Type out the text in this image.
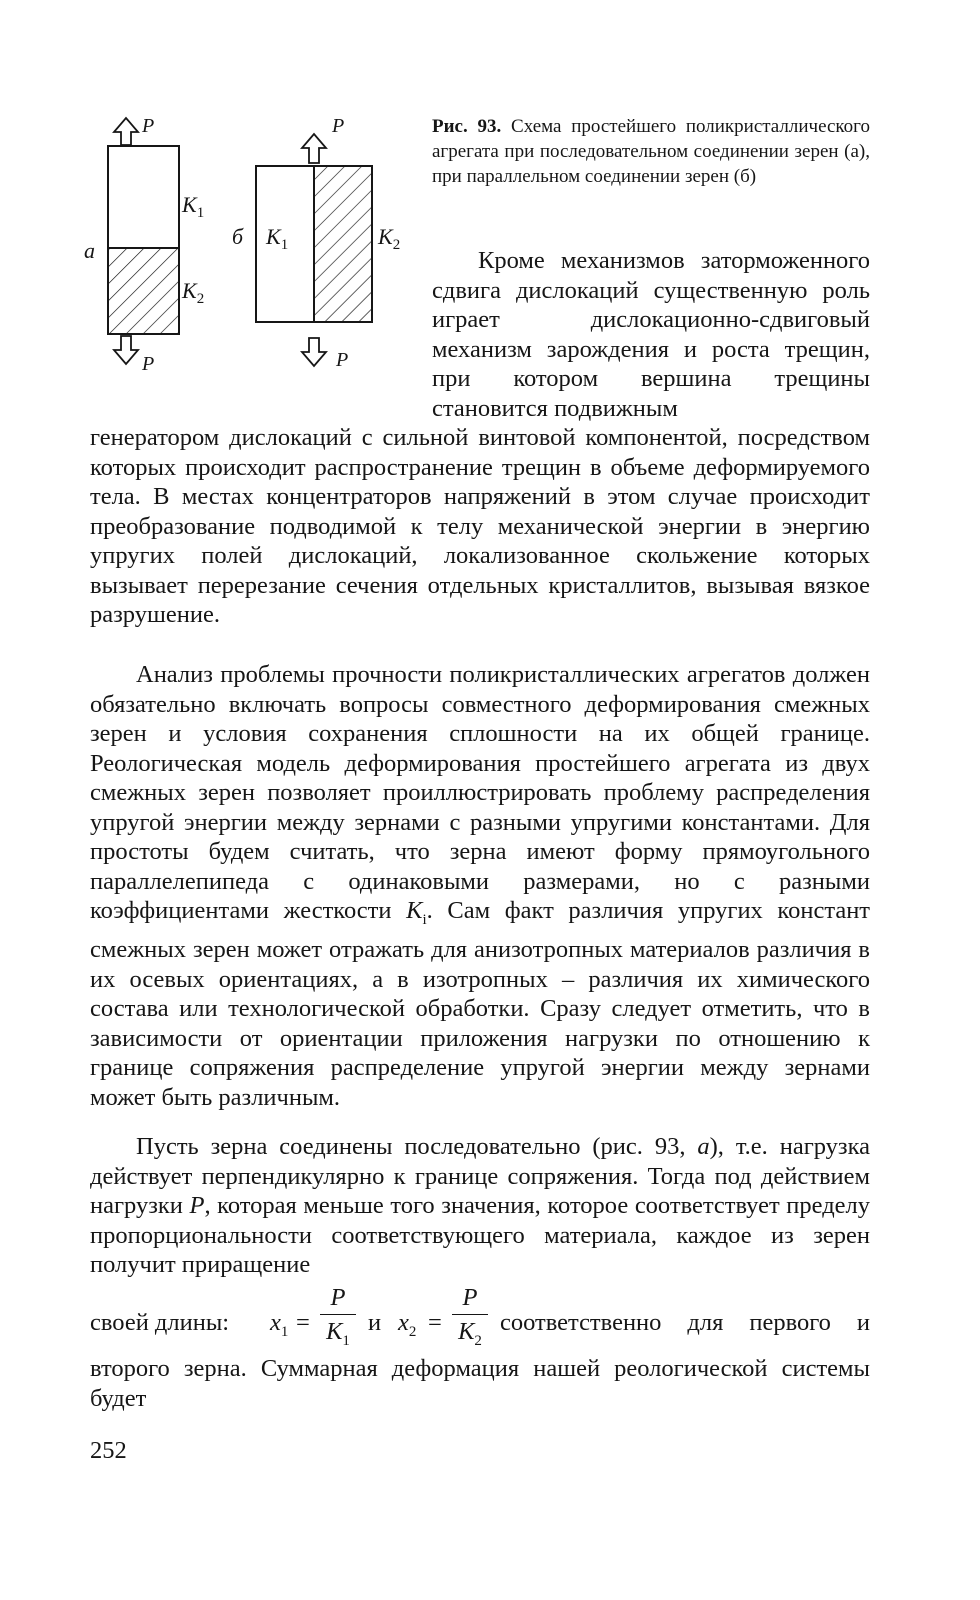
P
P
$K_1$
$K_2$
а
P
P
$K_1$	$K_2$
б
Рис. 93. Схема простейшего поликристаллического агрегата при последовательном соединении зерен (а), при параллельном соединении зерен (б)

Кроме механизмов заторможенного сдвига дислокаций существенную роль играет дислокационно-сдвиговый механизм зарождения и роста трещин, при котором вершина трещины становится подвижным

генератором дислокаций с сильной винтовой компонентой, посредством которых происходит распространение трещин в объеме деформируемого тела. В местах концентраторов напряжений в этом случае происходит преобразование подводимой к телу механической энергии в энергию упругих полей дислокаций, локализованное скольжение которых вызывает перерезание сечения отдельных кристаллитов, вызывая вязкое разрушение.

Анализ проблемы прочности поликристаллических агрегатов должен обязательно включать вопросы совместного деформирования смежных зерен и условия сохранения сплошности на их общей границе. Реологическая модель деформирования простейшего агрегата из двух смежных зерен позволяет проиллюстрировать проблему распределения упругой энергии между зернами с разными упругими константами. Для простоты будем считать, что зерна имеют форму прямоугольного параллелепипеда с одинаковыми размерами, но с разными коэффициентами жесткости $K_i$. Сам факт различия упругих констант смежных зерен может отражать для анизотропных материалов различия в их осевых ориентациях, а в изотропных – различия их химического состава или технологической обработки. Сразу следует отметить, что в зависимости от ориентации приложения нагрузки по отношению к границе сопряжения распределение упругой энергии между зернами может быть различным.

Пусть зерна соединены последовательно (рис. 93, а), т.е. нагрузка действует перпендикулярно к границе сопряжения. Тогда под действием нагрузки P, которая меньше того значения, которое соответствует пределу пропорциональности соответствующего материала, каждое из зерен получит приращение

своей длины: $x_1$ =
P
$K_1$
и $x_2$ =
P
$K_2$
соответственно для первого и

второго зерна. Суммарная деформация нашей реологической системы будет

252
